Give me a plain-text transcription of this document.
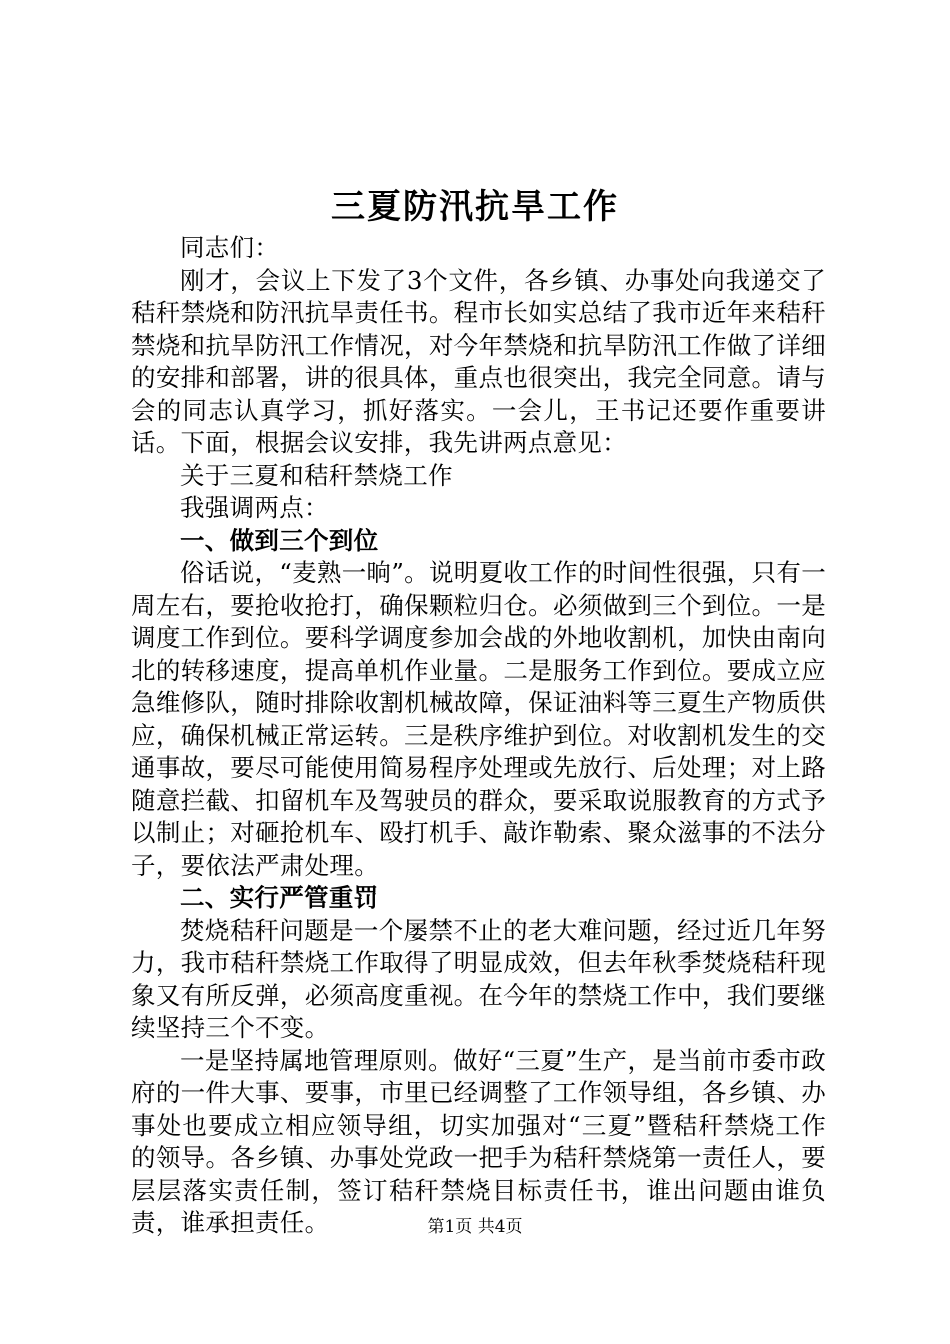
三夏防汛抗旱工作

同志们：

刚才，会议上下发了3个文件，各乡镇、办事处向我递交了秸秆禁烧和防汛抗旱责任书。程市长如实总结了我市近年来秸秆禁烧和抗旱防汛工作情况，对今年禁烧和抗旱防汛工作做了详细的安排和部署，讲的很具体，重点也很突出，我完全同意。请与会的同志认真学习，抓好落实。一会儿，王书记还要作重要讲话。下面，根据会议安排，我先讲两点意见：

关于三夏和秸秆禁烧工作

我强调两点：

一、做到三个到位

俗话说，“麦熟一晌”。说明夏收工作的时间性很强，只有一周左右，要抢收抢打，确保颗粒归仓。必须做到三个到位。一是调度工作到位。要科学调度参加会战的外地收割机，加快由南向北的转移速度，提高单机作业量。二是服务工作到位。要成立应急维修队，随时排除收割机械故障，保证油料等三夏生产物质供应，确保机械正常运转。三是秩序维护到位。对收割机发生的交通事故，要尽可能使用简易程序处理或先放行、后处理；对上路随意拦截、扣留机车及驾驶员的群众，要采取说服教育的方式予以制止；对砸抢机车、殴打机手、敲诈勒索、聚众滋事的不法分子，要依法严肃处理。

二、实行严管重罚

焚烧秸秆问题是一个屡禁不止的老大难问题，经过近几年努力，我市秸秆禁烧工作取得了明显成效，但去年秋季焚烧秸秆现象又有所反弹，必须高度重视。在今年的禁烧工作中，我们要继续坚持三个不变。

一是坚持属地管理原则。做好“三夏”生产，是当前市委市政府的一件大事、要事，市里已经调整了工作领导组，各乡镇、办事处也要成立相应领导组，切实加强对“三夏”暨秸秆禁烧工作的领导。各乡镇、办事处党政一把手为秸秆禁烧第一责任人，要层层落实责任制，签订秸秆禁烧目标责任书，谁出问题由谁负责，谁承担责任。	第1页 共4页
